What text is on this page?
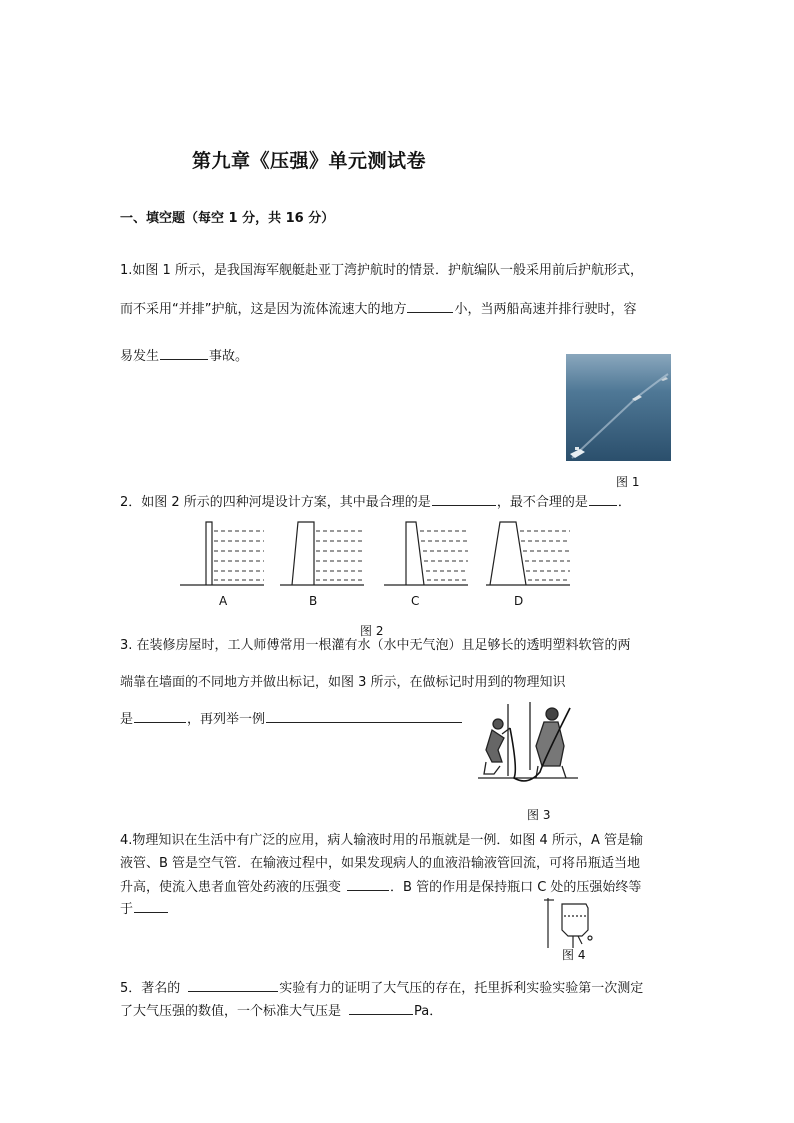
第九章《压强》单元测试卷
一、填空题（每空 1 分，共 16 分）
1.如图 1 所示，是我国海军舰艇赴亚丁湾护航时的情景．护航编队一般采用前后护航形式，
而不采用“并排”护航，这是因为流体流速大的地方	小，当两船高速并排行驶时，容
易发生	事故。
图 1
2．如图 2 所示的四种河堤设计方案，其中最合理的是	，最不合理的是 ．
A	B	C	D
图 2
3. 在装修房屋时，工人师傅常用一根灌有水（水中无气泡）且足够长的透明塑料软管的两
端靠在墙面的不同地方并做出标记，如图 3 所示，在做标记时用到的物理知识
是	，再列举一例
图 3
4.物理知识在生活中有广泛的应用，病人输液时用的吊瓶就是一例．如图 4 所示，A 管是输
液管、B 管是空气管．在输液过程中，如果发现病人的血液沿输液管回流，可将吊瓶适当地
升高，使流入患者血管处药液的压强变	．B 管的作用是保持瓶口 C 处的压强始终等
于
图 4
5．著名的	实验有力的证明了大气压的存在，托里拆利实验实验第一次测定
了大气压强的数值，一个标准大气压是	Pa．
